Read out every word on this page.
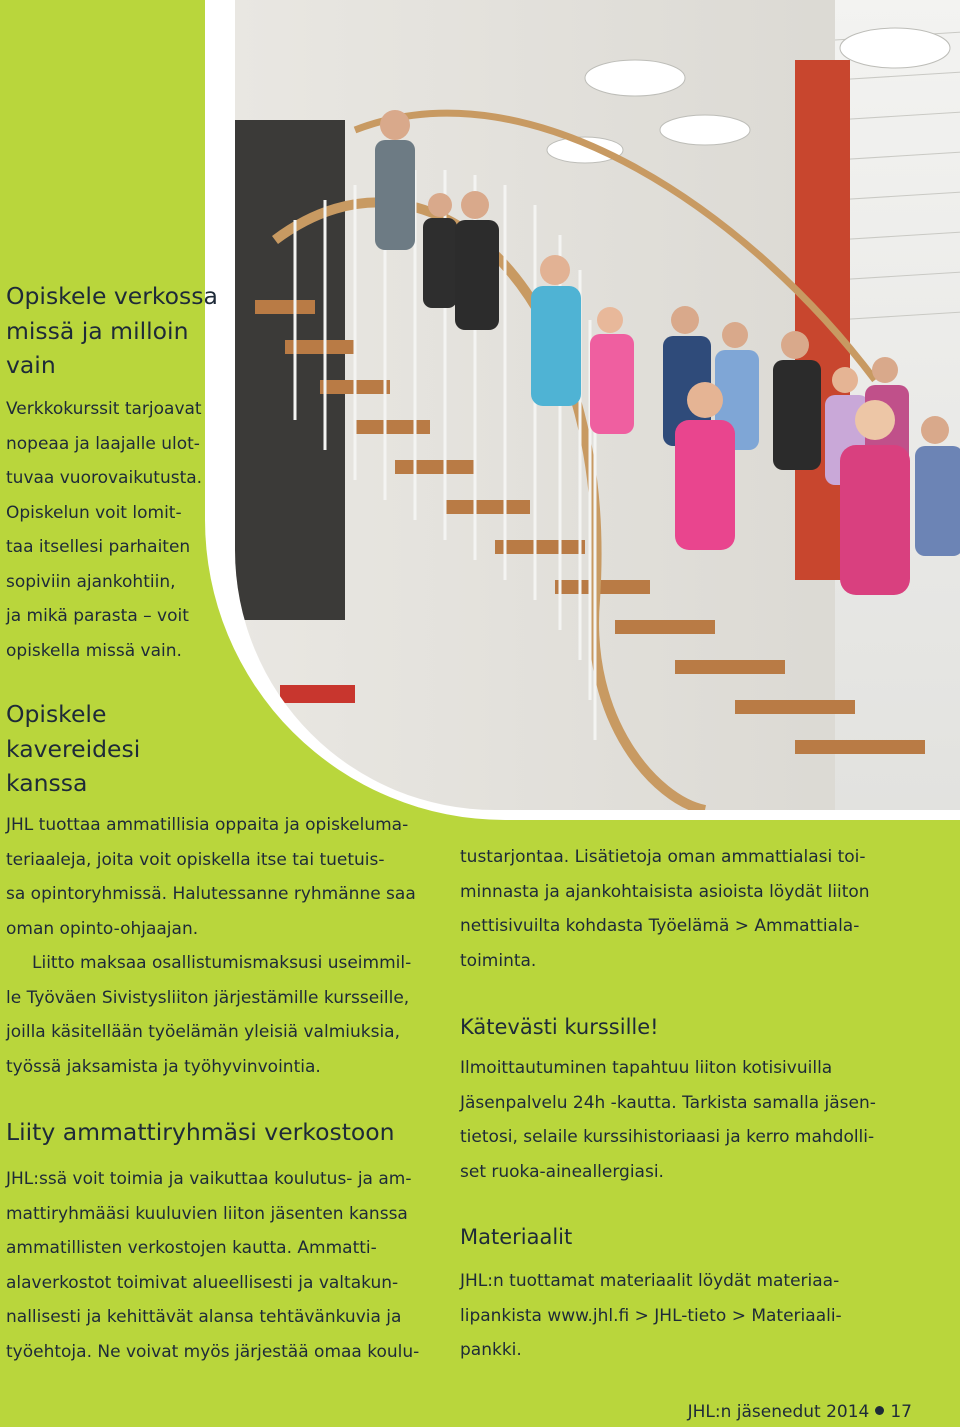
Opiskele verkossa
missä ja milloin
vain
Verkkokurssit tarjoavat
nopeaa ja laajalle ulot-
tuvaa vuorovaikutusta.
Opiskelun voit lomit-
taa itsellesi parhaiten
sopiviin ajankohtiin,
ja mikä parasta – voit
opiskella missä vain.
Opiskele
kavereidesi
kanssa
JHL tuottaa ammatillisia oppaita ja opiskeluma-
teriaaleja, joita voit opiskella itse tai tuetuis-
sa opintoryhmissä. Halutessanne ryhmänne saa
oman opinto-ohjaajan.
Liitto maksaa osallistumismaksusi useimmil-
le Työväen Sivistysliiton järjestämille kursseille,
joilla käsitellään työelämän yleisiä valmiuksia,
työssä jaksamista ja työhyvinvointia.
Liity ammattiryhmäsi verkostoon
JHL:ssä voit toimia ja vaikuttaa koulutus- ja am-
mattiryhmääsi kuuluvien liiton jäsenten kanssa
ammatillisten verkostojen kautta. Ammatti-
alaverkostot toimivat alueellisesti ja valtakun-
nallisesti ja kehittävät alansa tehtävänkuvia ja
työehtoja. Ne voivat myös järjestää omaa koulu-
tustarjontaa. Lisätietoja oman ammattialasi toi-
minnasta ja ajankohtaisista asioista löydät liiton
nettisivuilta kohdasta Työelämä > Ammattiala-
toiminta.
Kätevästi kurssille!
Ilmoittautuminen tapahtuu liiton kotisivuilla
Jäsenpalvelu 24h -kautta. Tarkista samalla jäsen-
tietosi, selaile kurssihistoriaasi ja kerro mahdolli-
set ruoka-aineallergiasi.
Materiaalit
JHL:n tuottamat materiaalit löydät materiaa-
lipankista www.jhl.fi > JHL-tieto > Materiaali-
pankki.
JHL:n jäsenedut 2014 17
